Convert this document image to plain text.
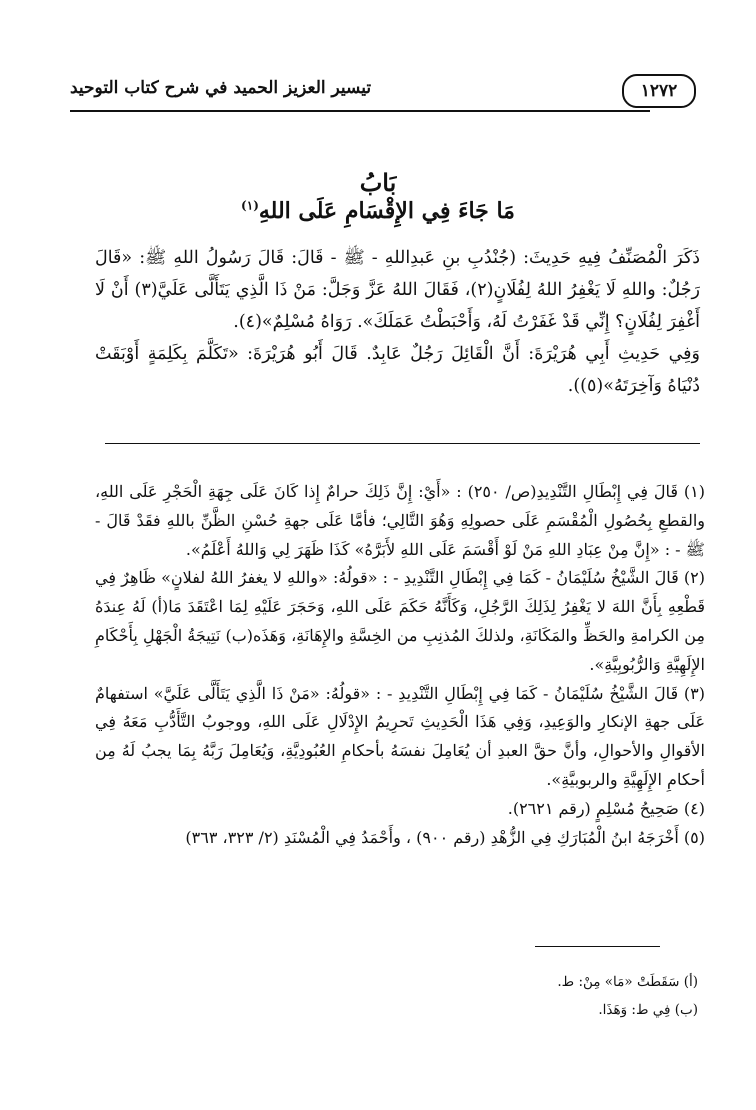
تيسير العزيز الحميد في شرح كتاب التوحيد	١٢٧٢
بَابُ
مَا جَاءَ فِي الإِقْسَامِ عَلَى اللهِ$^{(١)}$

ذَكَرَ الْمُصَنِّفُ فِيهِ حَدِيثَ: (جُنْدُبِ بنِ عَبدِاللهِ - ﷺ - قَالَ: قَالَ رَسُولُ اللهِ ﷺ: «قَالَ رَجُلٌ: واللهِ لَا يَغْفِرُ اللهُ لِفُلَانٍ(٢)، فَقَالَ اللهُ عَزَّ وَجَلَّ: مَنْ ذَا الَّذِي يَتَأَلَّى عَلَيَّ(٣) أَنْ لَا أَغْفِرَ لِفُلَانٍ؟ إِنِّي قَدْ غَفَرْتُ لَهُ، وَأَحْبَطْتُ عَمَلَكَ». رَوَاهُ مُسْلِمٌ»(٤).

وَفِي حَدِيثِ أَبِي هُرَيْرَةَ: أَنَّ الْقَائِلَ رَجُلٌ عَابِدٌ. قَالَ أَبُو هُرَيْرَةَ: «تَكَلَّمَ بِكَلِمَةٍ أَوْبَقَتْ دُنْيَاهُ وَآخِرَتَهُ»(٥)).

(١) قَالَ فِي إِبْطَالِ التَّنْدِيدِ(ص/ ٢٥٠) : «أَيْ: إِنَّ ذَلِكَ حرامٌ إِذا كَانَ عَلَى جِهَةِ الْحَجْرِ عَلَى اللهِ، والقطعِ بِحُصُولِ الْمُقْسَمِ عَلَى حصولِهِ وَهُوَ التَّالِي؛ فأمَّا عَلَى جهةِ حُسْنِ الظَّنِّ باللهِ فقَدْ قَالَ - ﷺ - : «إِنَّ مِنْ عِبَادِ اللهِ مَنْ لَوْ أَقْسَمَ عَلَى اللهِ لأَبَرَّهُ» كَذَا ظَهَرَ لِي وَاللهُ أَعْلَمُ».

(٢) قَالَ الشَّيْخُ سُلَيْمَانُ - كَمَا فِي إِبْطَالِ التَّنْدِيدِ - : «قولُهُ: «واللهِ لا يغفرُ اللهُ لفلانٍ» ظَاهِرٌ فِي قَطْعِهِ بِأَنَّ اللهَ لا يَغْفِرُ لِذَلِكَ الرَّجُلِ، وَكَأَنَّهُ حَكَمَ عَلَى اللهِ، وَحَجَرَ عَلَيْهِ لِمَا اعْتَقَدَ مَا(أ) لَهُ عِندَهُ مِن الكرامةِ والحَظِّ والمَكَانَةِ، ولذلكَ المُذنِبِ من الخِسَّةِ والإِهَانَةِ، وَهَذَه(ب) نَتِيجَةُ الْجَهْلِ بِأَحْكَامِ الإِلَهِيَّةِ وَالرُّبُوبِيَّةِ».

(٣) قَالَ الشَّيْخُ سُلَيْمَانُ - كَمَا فِي إِبْطَالِ التَّنْدِيدِ - : «قولُهُ: «مَنْ ذَا الَّذِي يَتَأَلَّى عَلَيَّ» استفهامٌ عَلَى جهةِ الإنكارِ والوَعِيدِ، وَفِي هَذَا الْحَدِيثِ تَحرِيمُ الإِدْلَالِ عَلَى اللهِ، ووجوبُ التَّأَدُّبِ مَعَهُ فِي الأقوالِ والأحوالِ، وأنَّ حقَّ العبدِ أن يُعَامِلَ نفسَهُ بأحكامِ العُبُودِيَّةِ، وَيُعَامِلَ رَبَّهُ بِمَا يجبُ لَهُ مِن أحكامِ الإِلَهِيَّةِ والربوبيَّةِ».

(٤) صَحِيحُ مُسْلِمٍ (رقم ٢٦٢١).

(٥) أَخْرَجَهُ ابنُ الْمُبَارَكِ فِي الزُّهْدِ (رقم ٩٠٠) ، وأَحْمَدُ فِي الْمُسْنَدِ (٢/ ٣٢٣، ٣٦٣)

(أ) سَقَطَتْ «مَا» مِنْ: ط.

(ب) فِي ط: وَهَذَا.
